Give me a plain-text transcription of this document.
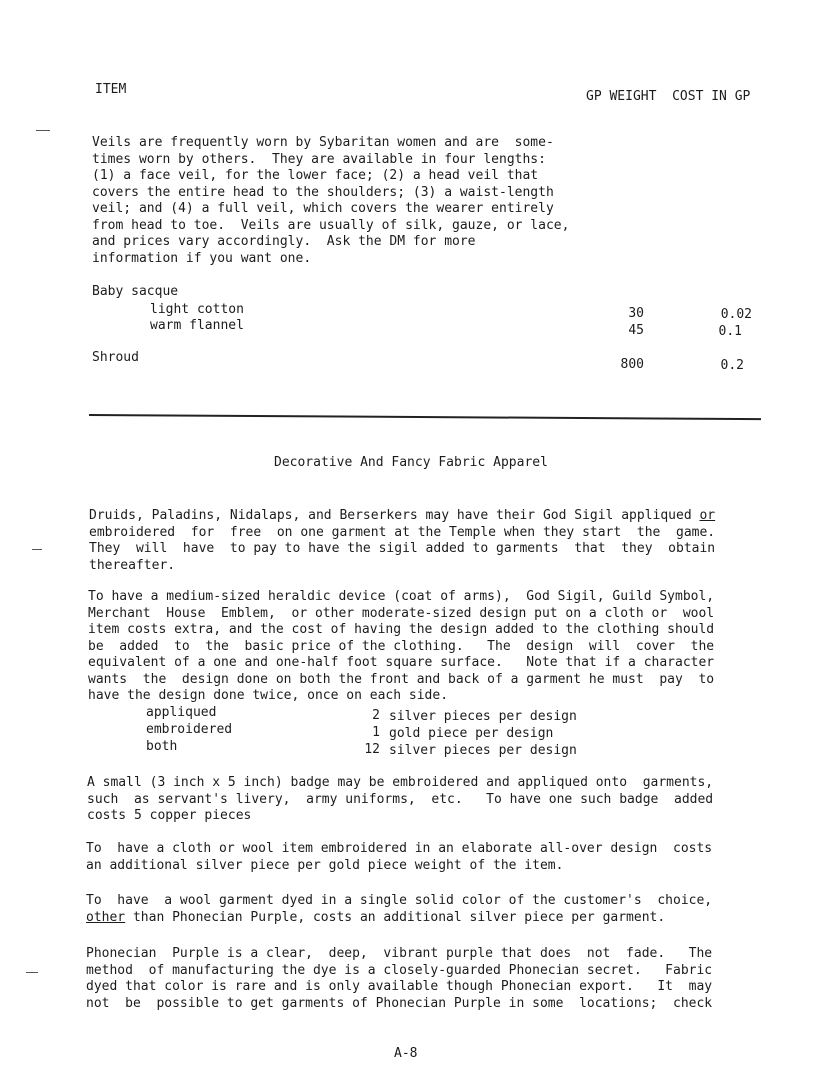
ITEM	GP WEIGHT  COST IN GP
Veils are frequently worn by Sybaritan women and are  some-
times worn by others.  They are available in four lengths:
(1) a face veil, for the lower face; (2) a head veil that
covers the entire head to the shoulders; (3) a waist-length
veil; and (4) a full veil, which covers the wearer entirely
from head to toe.  Veils are usually of silk, gauze, or lace,
and prices vary accordingly.  Ask the DM for more
information if you want one.
Baby sacque
light cotton	30	0.02
warm flannel	45	0.1
Shroud	800	0.2
Decorative And Fancy Fabric Apparel
Druids, Paladins, Nidalaps, and Berserkers may have their God Sigil appliqued or
embroidered  for  free  on one garment at the Temple when they start  the  game.
They  will  have  to pay to have the sigil added to garments  that  they  obtain
thereafter.
To have a medium-sized heraldic device (coat of arms),  God Sigil, Guild Symbol,
Merchant  House  Emblem,  or other moderate-sized design put on a cloth or  wool
item costs extra, and the cost of having the design added to the clothing should
be  added  to  the  basic price of the clothing.   The  design  will  cover  the
equivalent of a one and one-half foot square surface.   Note that if a character
wants  the  design done on both the front and back of a garment he must  pay  to
have the design done twice, once on each side.
appliqued	2 silver pieces per design
embroidered	1 gold piece per design
both	12 silver pieces per design
A small (3 inch x 5 inch) badge may be embroidered and appliqued onto  garments,
such  as servant's livery,  army uniforms,  etc.   To have one such badge  added
costs 5 copper pieces
To  have a cloth or wool item embroidered in an elaborate all-over design  costs
an additional silver piece per gold piece weight of the item.
To  have  a wool garment dyed in a single solid color of the customer's  choice,
other than Phonecian Purple, costs an additional silver piece per garment.
Phonecian  Purple is a clear,  deep,  vibrant purple that does  not  fade.   The
method  of manufacturing the dye is a closely-guarded Phonecian secret.   Fabric
dyed that color is rare and is only available though Phonecian export.   It  may
not  be  possible to get garments of Phonecian Purple in some  locations;  check
A-8
